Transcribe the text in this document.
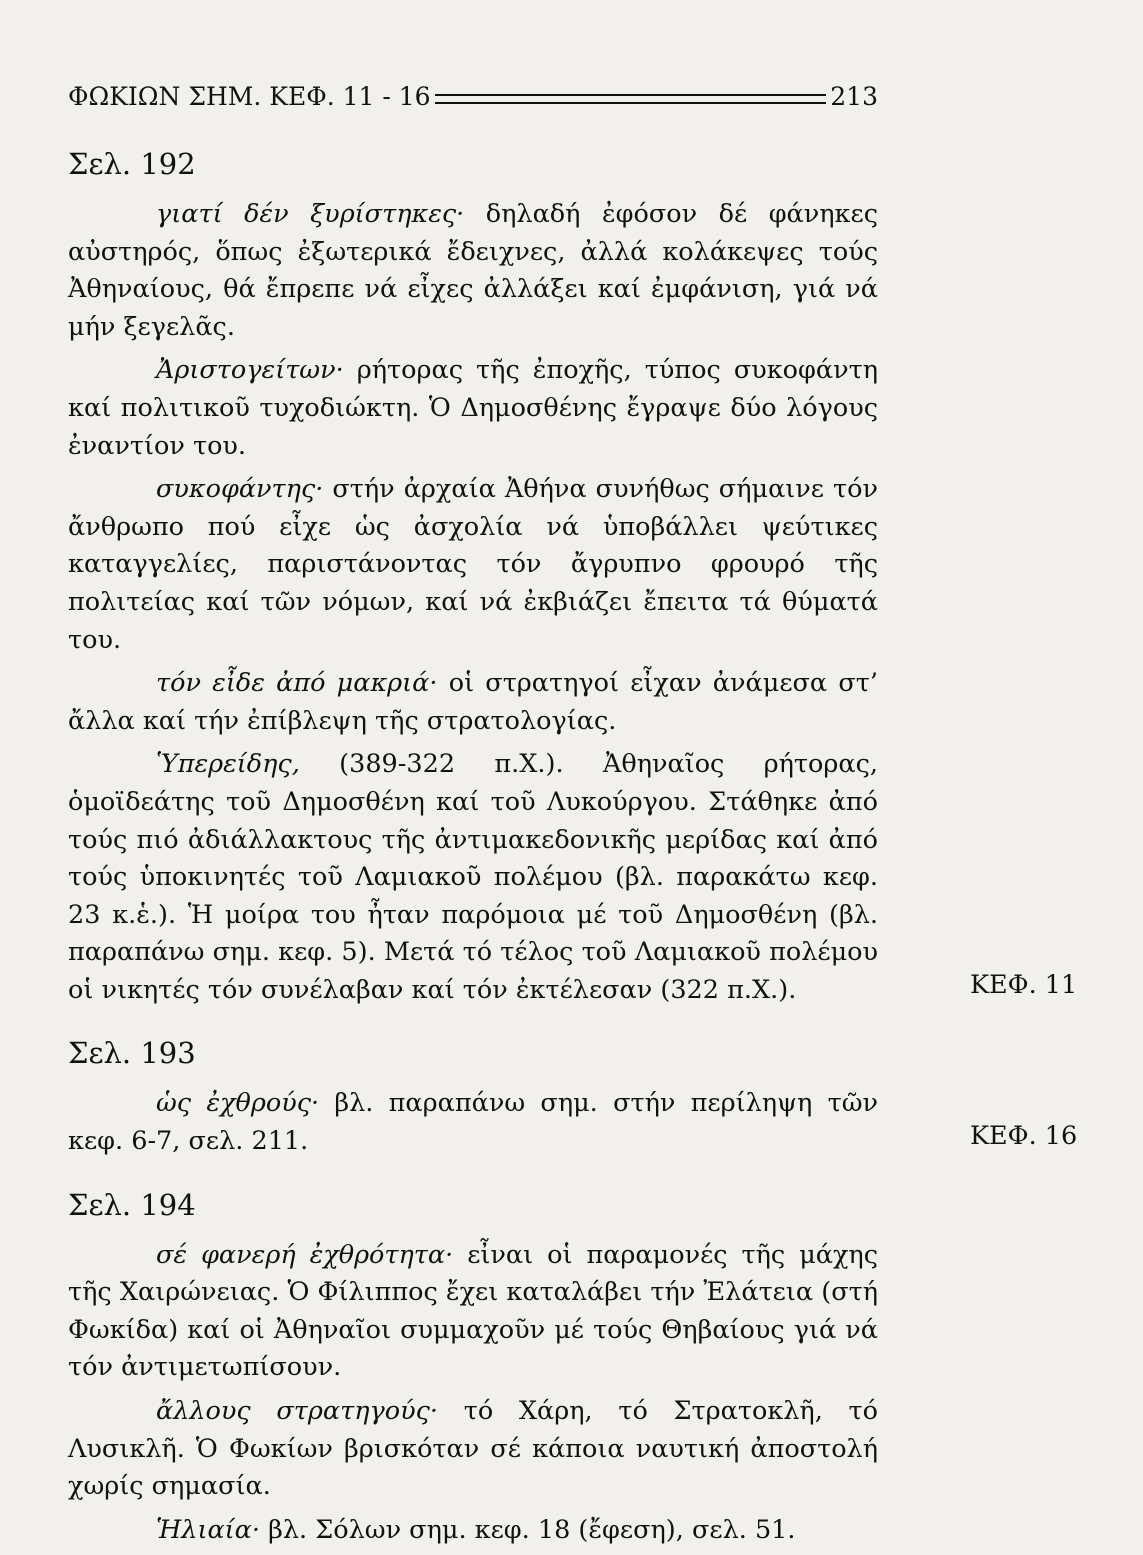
ΦΩΚΙΩΝ ΣΗΜ. ΚΕΦ. 11 - 16	213
Σελ. 192

γιατί δέν ξυρίστηκες· δηλαδή ἐφόσον δέ φάνηκες αὐστηρός, ὅπως ἐξωτερικά ἔδειχνες, ἀλλά κολάκεψες τούς Ἀθηναίους, θά ἔπρεπε νά εἶχες ἀλλάξει καί ἐμφάνιση, γιά νά μήν ξεγελᾶς.

Ἀριστογείτων· ρήτορας τῆς ἐποχῆς, τύπος συκοφάντη καί πολιτικοῦ τυχοδιώκτη. Ὁ Δημοσθένης ἔγραψε δύο λόγους ἐναντίον του.

συκοφάντης· στήν ἀρχαία Ἀθήνα συνήθως σήμαινε τόν ἄνθρωπο πού εἶχε ὡς ἀσχολία νά ὑποβάλλει ψεύτικες καταγγελίες, παριστάνοντας τόν ἄγρυπνο φρουρό τῆς πολιτείας καί τῶν νόμων, καί νά ἐκβιάζει ἔπειτα τά θύματά του.

τόν εἶδε ἀπό μακριά· οἱ στρατηγοί εἶχαν ἀνάμεσα στ’ ἄλλα καί τήν ἐπίβλεψη τῆς στρατολογίας.

Ὑπερείδης, (389-322 π.Χ.). Ἀθηναῖος ρήτορας, ὁμοϊδεάτης τοῦ Δημοσθένη καί τοῦ Λυκούργου. Στάθηκε ἀπό τούς πιό ἀδιάλλακτους τῆς ἀντιμακεδονικῆς μερίδας καί ἀπό τούς ὑποκινητές τοῦ Λαμιακοῦ πολέμου (βλ. παρακάτω κεφ. 23 κ.ἑ.). Ἡ μοίρα του ἦταν παρόμοια μέ τοῦ Δημοσθένη (βλ. παραπάνω σημ. κεφ. 5). Μετά τό τέλος τοῦ Λαμιακοῦ πολέμου οἱ νικητές τόν συνέλαβαν καί τόν ἐκτέλεσαν (322 π.Χ.).

Σελ. 193

ὡς ἐχθρούς· βλ. παραπάνω σημ. στήν περίληψη τῶν κεφ. 6-7, σελ. 211.

Σελ. 194

σέ φανερή ἐχθρότητα· εἶναι οἱ παραμονές τῆς μάχης τῆς Χαιρώνειας. Ὁ Φίλιππος ἔχει καταλάβει τήν Ἐλάτεια (στή Φωκίδα) καί οἱ Ἀθηναῖοι συμμαχοῦν μέ τούς Θηβαίους γιά νά τόν ἀντιμετωπίσουν.

ἄλλους στρατηγούς· τό Χάρη, τό Στρατοκλῆ, τό Λυσικλῆ. Ὁ Φωκίων βρισκόταν σέ κάποια ναυτική ἀποστολή χωρίς σημασία.

Ἡλιαία· βλ. Σόλων σημ. κεφ. 18 (ἔφεση), σελ. 51.

ΚΕΦ. 11
ΚΕΦ. 16
